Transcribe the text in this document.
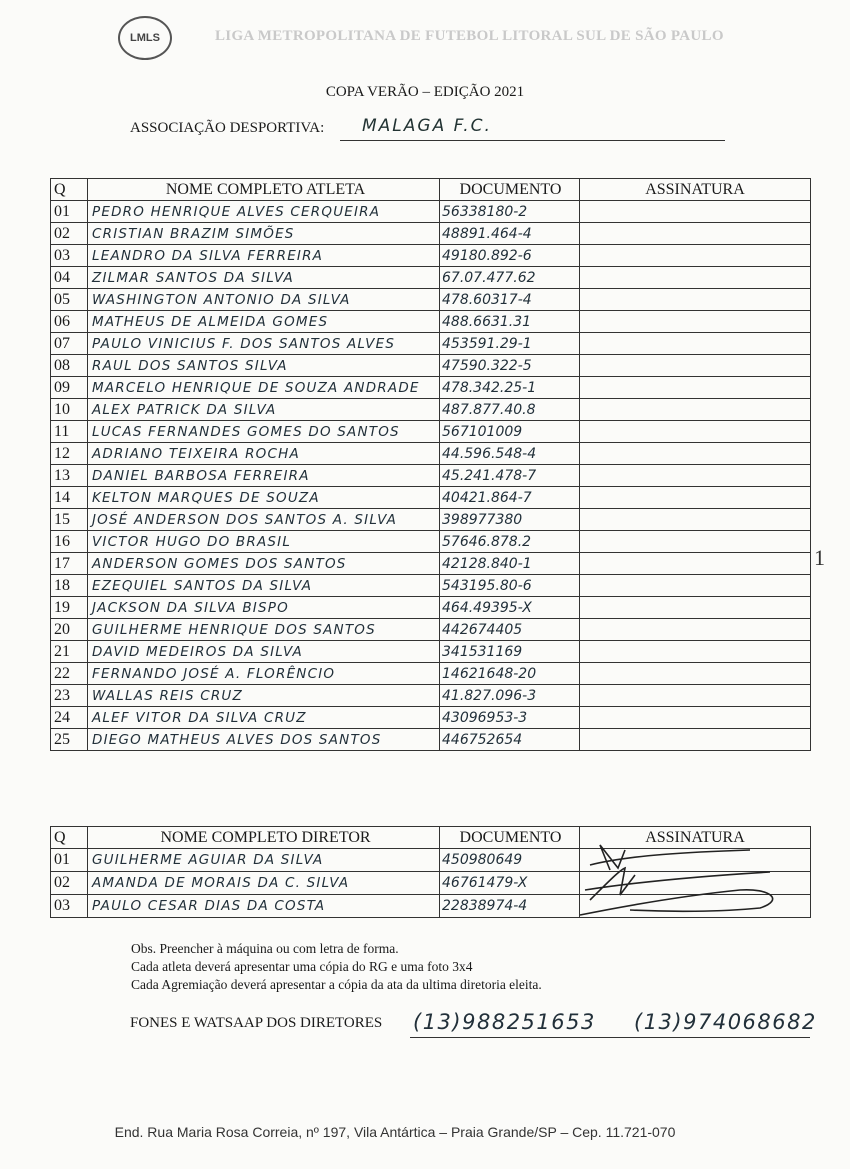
LMLS	LIGA METROPOLITANA DE FUTEBOL LITORAL SUL DE SÃO PAULO
COPA VERÃO – EDIÇÃO 2021
ASSOCIAÇÃO DESPORTIVA: MALAGA F.C.
Q	NOME COMPLETO ATLETA	DOCUMENTO	ASSINATURA
01	PEDRO HENRIQUE ALVES CERQUEIRA	56338180-2	
02	CRISTIAN BRAZIM SIMÕES	48891.464-4	
03	LEANDRO DA SILVA FERREIRA	49180.892-6	
04	ZILMAR SANTOS DA SILVA	67.07.477.62	
05	WASHINGTON ANTONIO DA SILVA	478.60317-4	
06	MATHEUS DE ALMEIDA GOMES	488.6631.31	
07	PAULO VINICIUS F. DOS SANTOS ALVES	453591.29-1	
08	RAUL DOS SANTOS SILVA	47590.322-5	
09	MARCELO HENRIQUE DE SOUZA ANDRADE	478.342.25-1	
10	ALEX PATRICK DA SILVA	487.877.40.8	
11	LUCAS FERNANDES GOMES DO SANTOS	567101009	
12	ADRIANO TEIXEIRA ROCHA	44.596.548-4	
13	DANIEL BARBOSA FERREIRA	45.241.478-7	
14	KELTON MARQUES DE SOUZA	40421.864-7	
15	JOSÉ ANDERSON DOS SANTOS A. SILVA	398977380	
16	VICTOR HUGO DO BRASIL	57646.878.2	
17	ANDERSON GOMES DOS SANTOS	42128.840-1	
18	EZEQUIEL SANTOS DA SILVA	543195.80-6	
19	JACKSON DA SILVA BISPO	464.49395-X	
20	GUILHERME HENRIQUE DOS SANTOS	442674405	
21	DAVID MEDEIROS DA SILVA	341531169	
22	FERNANDO JOSÉ A. FLORÊNCIO	14621648-20	
23	WALLAS REIS CRUZ	41.827.096-3	
24	ALEF VITOR DA SILVA CRUZ	43096953-3	
25	DIEGO MATHEUS ALVES DOS SANTOS	446752654	
1
Q	NOME COMPLETO DIRETOR	DOCUMENTO	ASSINATURA
01	GUILHERME AGUIAR DA SILVA	450980649	
02	AMANDA DE MORAIS DA C. SILVA	46761479-X	
03	PAULO CESAR DIAS DA COSTA	22838974-4	
Obs. Preencher à máquina ou com letra de forma.
Cada atleta deverá apresentar uma cópia do RG e uma foto 3x4
Cada Agremiação deverá apresentar a cópia da ata da ultima diretoria eleita.
FONES E WATSAAP DOS DIRETORES (13)988251653 (13)974068682
End. Rua Maria Rosa Correia, nº 197, Vila Antártica – Praia Grande/SP – Cep. 11.721-070
